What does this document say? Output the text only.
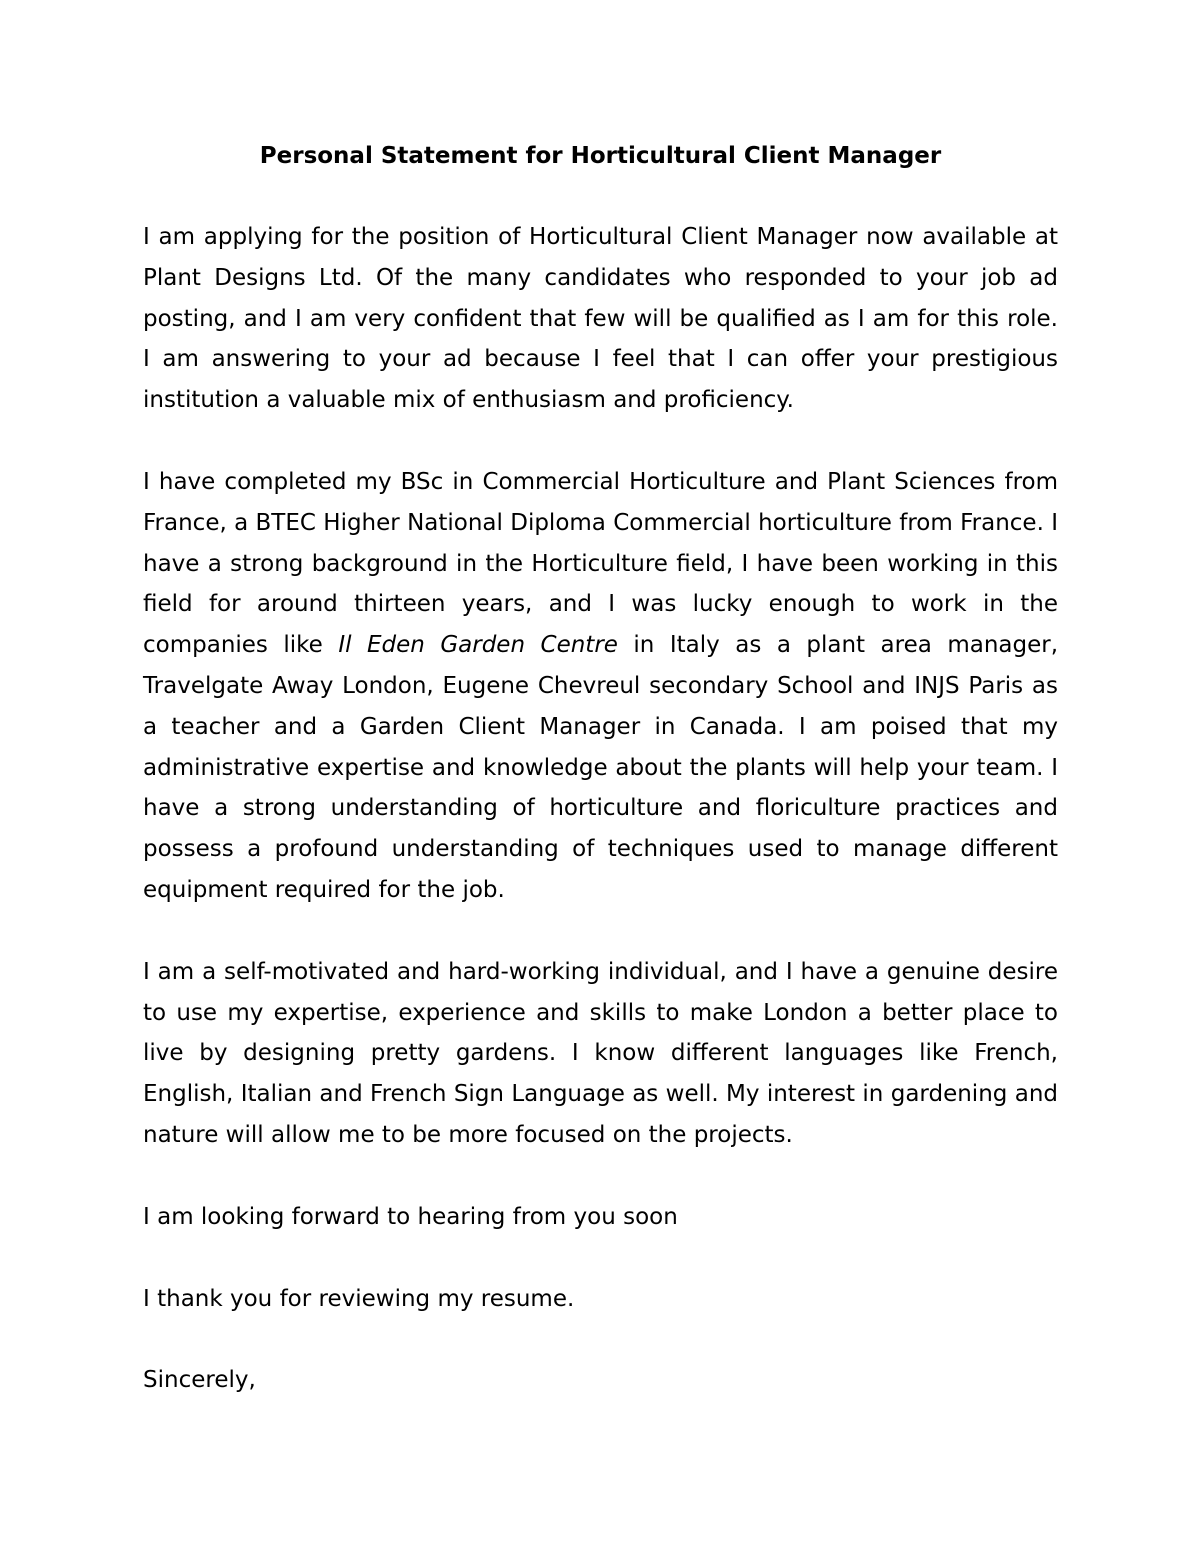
Personal Statement for Horticultural Client Manager

I am applying for the position of Horticultural Client Manager now available at Plant Designs Ltd. Of the many candidates who responded to your job ad posting, and I am very confident that few will be qualified as I am for this role. I am answering to your ad because I feel that I can offer your prestigious institution a valuable mix of enthusiasm and proficiency.

I have completed my BSc in Commercial Horticulture and Plant Sciences from France, a BTEC Higher National Diploma Commercial horticulture from France. I have a strong background in the Horticulture field, I have been working in this field for around thirteen years, and I was lucky enough to work in the companies like Il Eden Garden Centre in Italy as a plant area manager, Travelgate Away London, Eugene Chevreul secondary School and INJS Paris as a teacher and a Garden Client Manager in Canada. I am poised that my administrative expertise and knowledge about the plants will help your team. I have a strong understanding of horticulture and floriculture practices and possess a profound understanding of techniques used to manage different equipment required for the job.

I am a self-motivated and hard-working individual, and I have a genuine desire to use my expertise, experience and skills to make London a better place to live by designing pretty gardens. I know different languages like French, English, Italian and French Sign Language as well. My interest in gardening and nature will allow me to be more focused on the projects.

I am looking forward to hearing from you soon

I thank you for reviewing my resume.

Sincerely,
